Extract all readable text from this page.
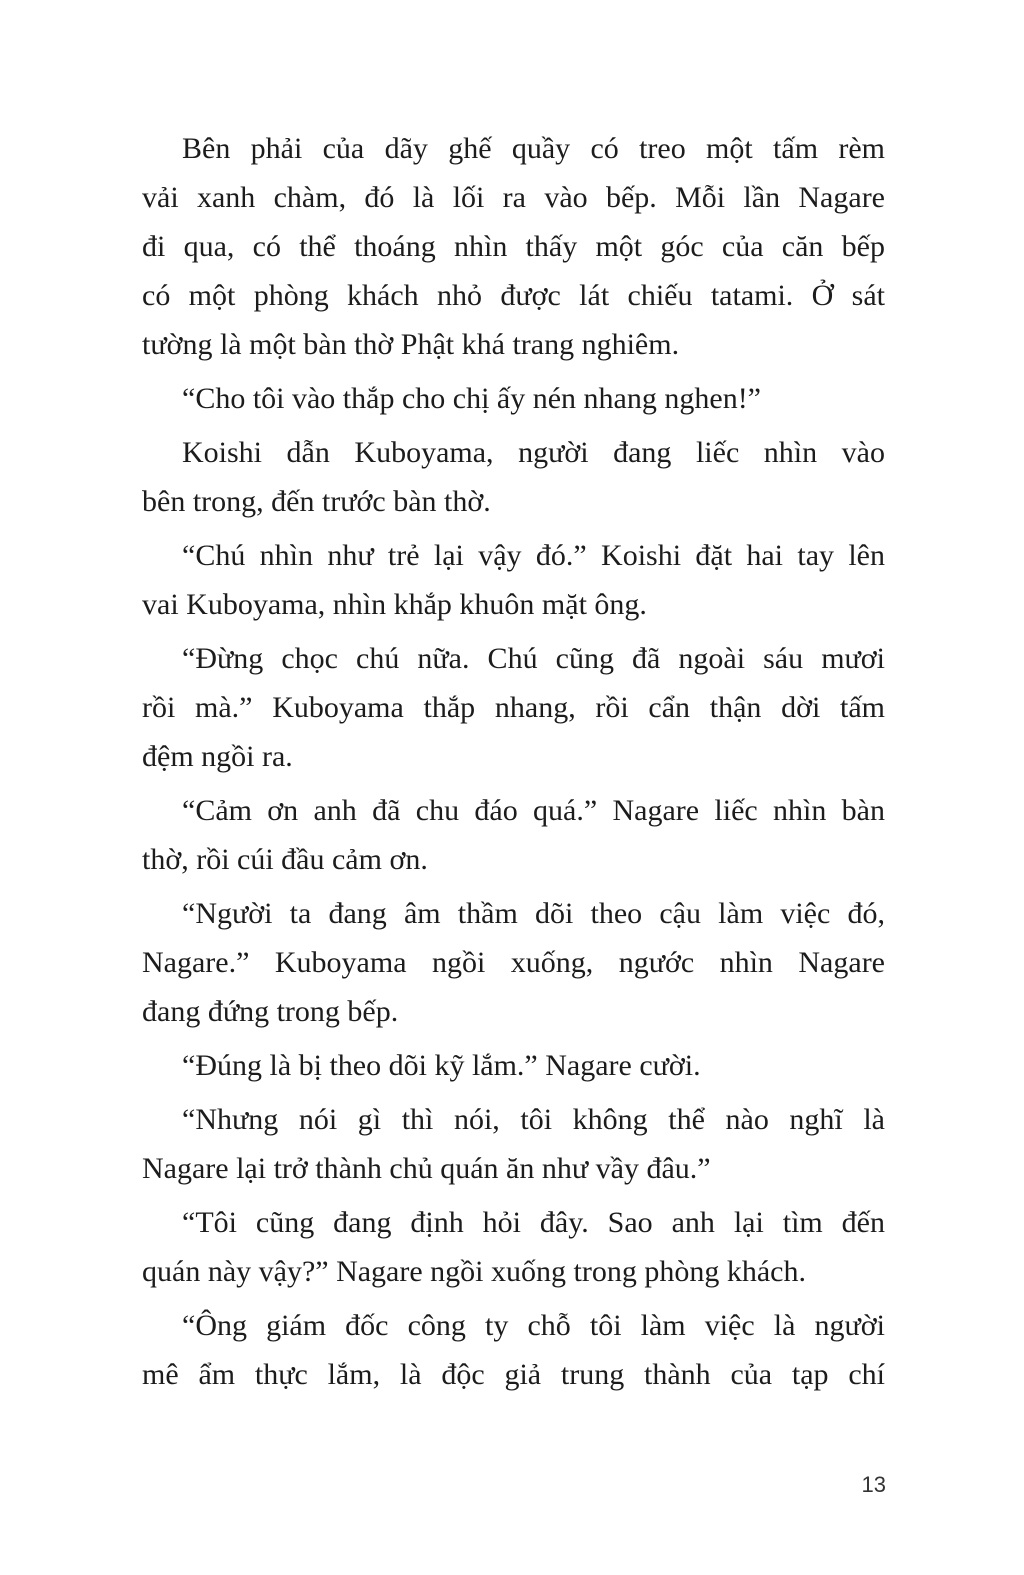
Bên phải của dãy ghế quầy có treo một tấm rèm
vải xanh chàm, đó là lối ra vào bếp. Mỗi lần Nagare
đi qua, có thể thoáng nhìn thấy một góc của căn bếp
có một phòng khách nhỏ được lát chiếu tatami. Ở sát
tường là một bàn thờ Phật khá trang nghiêm.
“Cho tôi vào thắp cho chị ấy nén nhang nghen!”
Koishi dẫn Kuboyama, người đang liếc nhìn vào
bên trong, đến trước bàn thờ.
“Chú nhìn như trẻ lại vậy đó.” Koishi đặt hai tay lên
vai Kuboyama, nhìn khắp khuôn mặt ông.
“Đừng chọc chú nữa. Chú cũng đã ngoài sáu mươi
rồi mà.” Kuboyama thắp nhang, rồi cẩn thận dời tấm
đệm ngồi ra.
“Cảm ơn anh đã chu đáo quá.” Nagare liếc nhìn bàn
thờ, rồi cúi đầu cảm ơn.
“Người ta đang âm thầm dõi theo cậu làm việc đó,
Nagare.” Kuboyama ngồi xuống, ngước nhìn Nagare
đang đứng trong bếp.
“Đúng là bị theo dõi kỹ lắm.” Nagare cười.
“Nhưng nói gì thì nói, tôi không thể nào nghĩ là
Nagare lại trở thành chủ quán ăn như vầy đâu.”
“Tôi cũng đang định hỏi đây. Sao anh lại tìm đến
quán này vậy?” Nagare ngồi xuống trong phòng khách.
“Ông giám đốc công ty chỗ tôi làm việc là người
mê ẩm thực lắm, là độc giả trung thành của tạp chí
13
